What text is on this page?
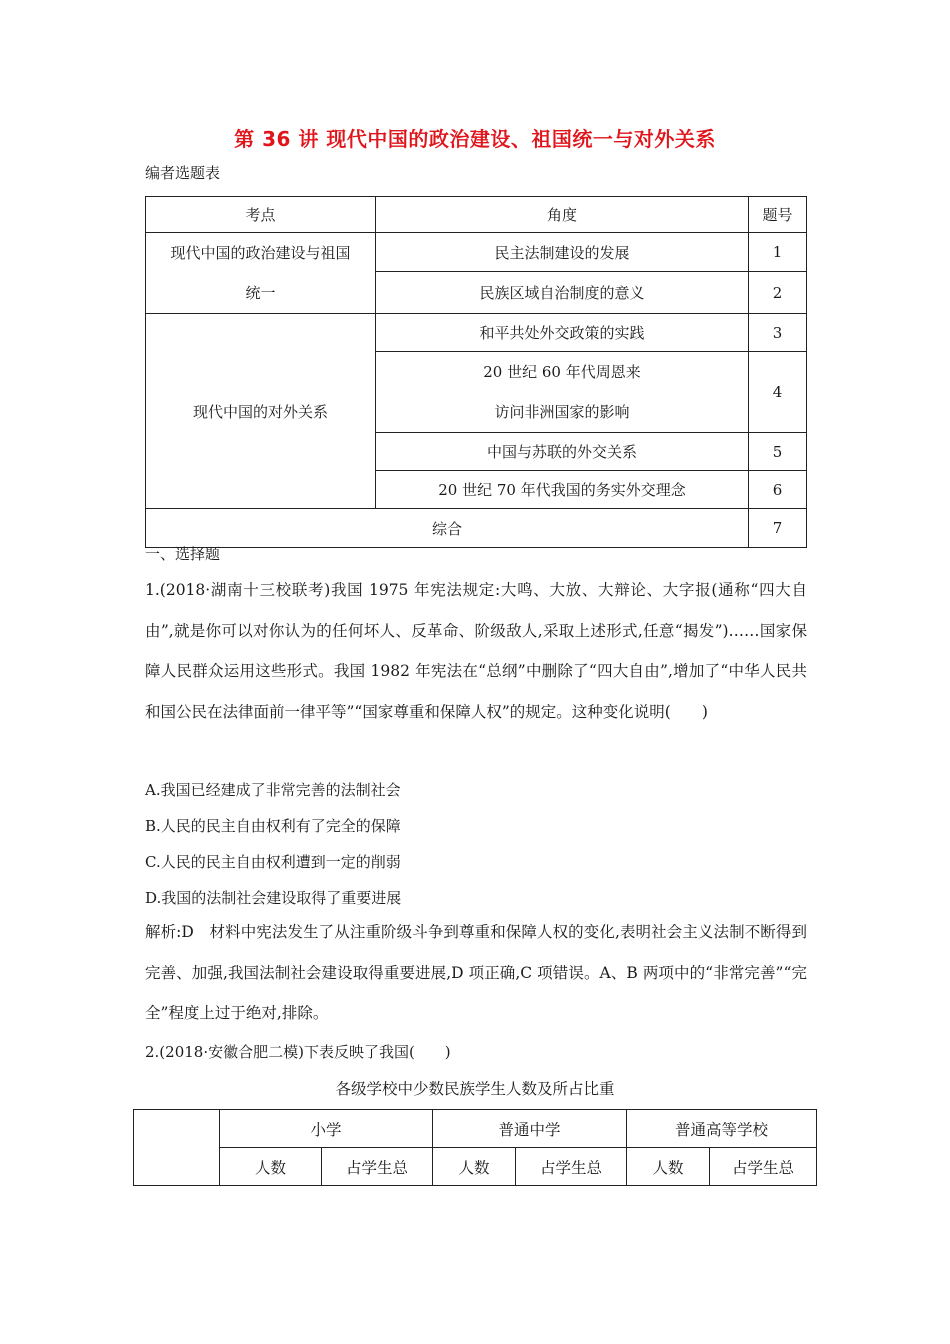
第 36 讲 现代中国的政治建设、祖国统一与对外关系
编者选题表
考点	角度	题号

现代中国的政治建设与祖国
统一	民主法制建设的发展	1
	民族区域自治制度的意义	2
现代中国的对外关系	和平共处外交政策的实践	3

	20 世纪 60 年代周恩来
访问非洲国家的影响	4
	中国与苏联的外交关系	5
	20 世纪 70 年代我国的务实外交理念	6
综合		7
一、选择题
1.(2018·湖南十三校联考)我国 1975 年宪法规定:大鸣、大放、大辩论、大字报(通称“四大自由”,就是你可以对你认为的任何坏人、反革命、阶级敌人,采取上述形式,任意“揭发”)……国家保障人民群众运用这些形式。我国 1982 年宪法在“总纲”中删除了“四大自由”,增加了“中华人民共和国公民在法律面前一律平等”“国家尊重和保障人权”的规定。这种变化说明(　　)
A.我国已经建成了非常完善的法制社会
B.人民的民主自由权利有了完全的保障
C.人民的民主自由权利遭到一定的削弱
D.我国的法制社会建设取得了重要进展
解析:D　材料中宪法发生了从注重阶级斗争到尊重和保障人权的变化,表明社会主义法制不断得到完善、加强,我国法制社会建设取得重要进展,D 项正确,C 项错误。A、B 两项中的“非常完善”“完全”程度上过于绝对,排除。
2.(2018·安徽合肥二模)下表反映了我国(　　)
各级学校中少数民族学生人数及所占比重
	小学		普通中学		普通高等学校	
	人数	占学生总	人数	占学生总	人数	占学生总
